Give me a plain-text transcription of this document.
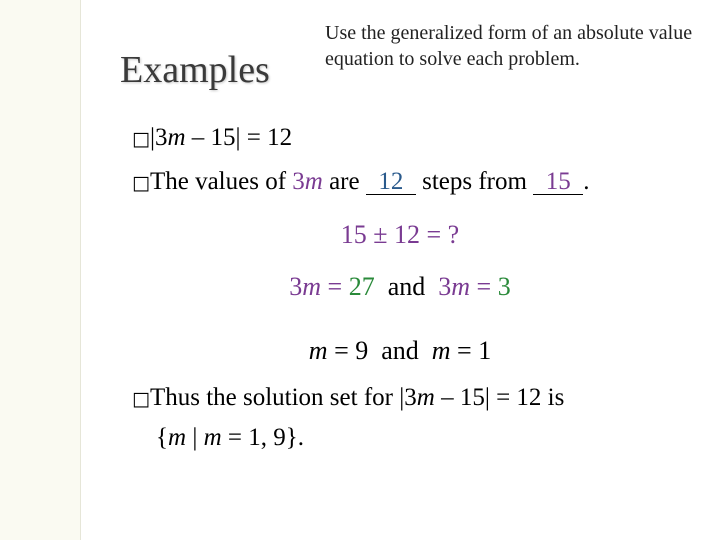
Examples
Use the generalized form of an absolute value equation to solve each problem.
□|3m – 15| = 12
□The values of 3m are 12 steps from 15 .
15 ± 12 = ?
3m = 27  and  3m = 3
m = 9  and  m = 1
□Thus the solution set for |3m – 15| = 12 is
{m | m = 1, 9}.
